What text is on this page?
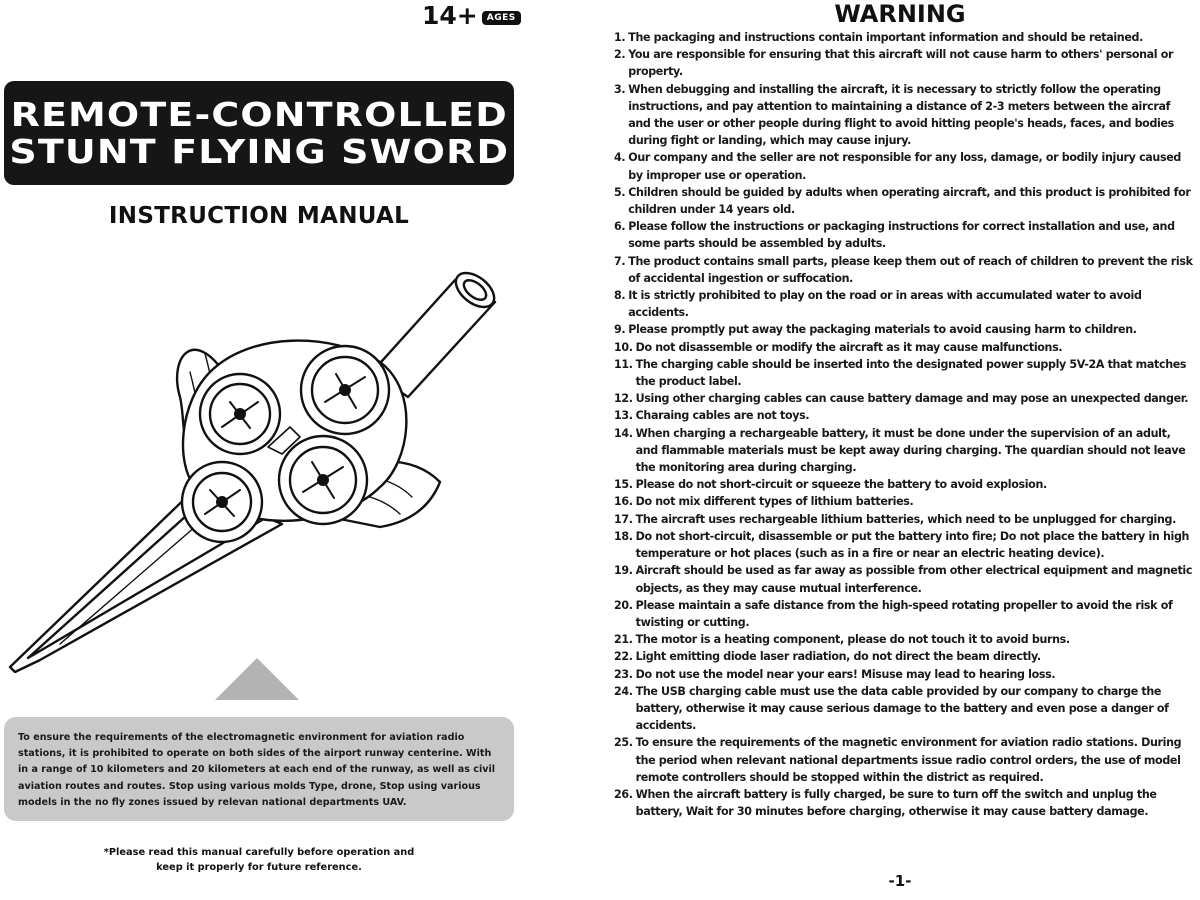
14+	AGES
REMOTE-CONTROLLED
STUNT FLYING SWORD
INSTRUCTION MANUAL
To ensure the requirements of the electromagnetic environment for aviation radio stations, it is prohibited to operate on both sides of the airport runway centerine. With in a range of 10 kilometers and 20 kilometers at each end of the runway, as well as civil aviation routes and routes. Stop using various molds Type, drone, Stop using various models in the no fly zones issued by relevan national departments UAV.
*Please read this manual carefully before operation and
keep it properly for future reference.
WARNING
1. The packaging and instructions contain important information and should be retained.
2. You are responsible for ensuring that this aircraft will not cause harm to others' personal or property.
3. When debugging and installing the aircraft, it is necessary to strictly follow the operating instructions, and pay attention to maintaining a distance of 2-3 meters between the aircraf and the user or other people during flight to avoid hitting people's heads, faces, and bodies during fight or landing, which may cause injury.
4. Our company and the seller are not responsible for any loss, damage, or bodily injury caused by improper use or operation.
5. Children should be guided by adults when operating aircraft, and this product is prohibited for children under 14 years old.
6. Please follow the instructions or packaging instructions for correct installation and use, and some parts should be assembled by adults.
7. The product contains small parts, please keep them out of reach of children to prevent the risk of accidental ingestion or suffocation.
8. It is strictly prohibited to play on the road or in areas with accumulated water to avoid accidents.
9. Please promptly put away the packaging materials to avoid causing harm to children.
10. Do not disassemble or modify the aircraft as it may cause malfunctions.
11. The charging cable should be inserted into the designated power supply 5V-2A that matches the product label.
12. Using other charging cables can cause battery damage and may pose an unexpected danger.
13. Charaing cables are not toys.
14. When charging a rechargeable battery, it must be done under the supervision of an adult, and flammable materials must be kept away during charging. The quardian should not leave the monitoring area during charging.
15. Please do not short-circuit or squeeze the battery to avoid explosion.
16. Do not mix different types of lithium batteries.
17. The aircraft uses rechargeable lithium batteries, which need to be unplugged for charging.
18. Do not short-circuit, disassemble or put the battery into fire; Do not place the battery in high temperature or hot places (such as in a fire or near an electric heating device).
19. Aircraft should be used as far away as possible from other electrical equipment and magnetic objects, as they may cause mutual interference.
20. Please maintain a safe distance from the high-speed rotating propeller to avoid the risk of twisting or cutting.
21. The motor is a heating component, please do not touch it to avoid burns.
22. Light emitting diode laser radiation, do not direct the beam directly.
23. Do not use the model near your ears! Misuse may lead to hearing loss.
24. The USB charging cable must use the data cable provided by our company to charge the battery, otherwise it may cause serious damage to the battery and even pose a danger of accidents.
25. To ensure the requirements of the magnetic environment for aviation radio stations. During the period when relevant national departments issue radio control orders, the use of model remote controllers should be stopped within the district as required.
26. When the aircraft battery is fully charged, be sure to turn off the switch and unplug the battery, Wait for 30 minutes before charging, otherwise it may cause battery damage.
-1-
